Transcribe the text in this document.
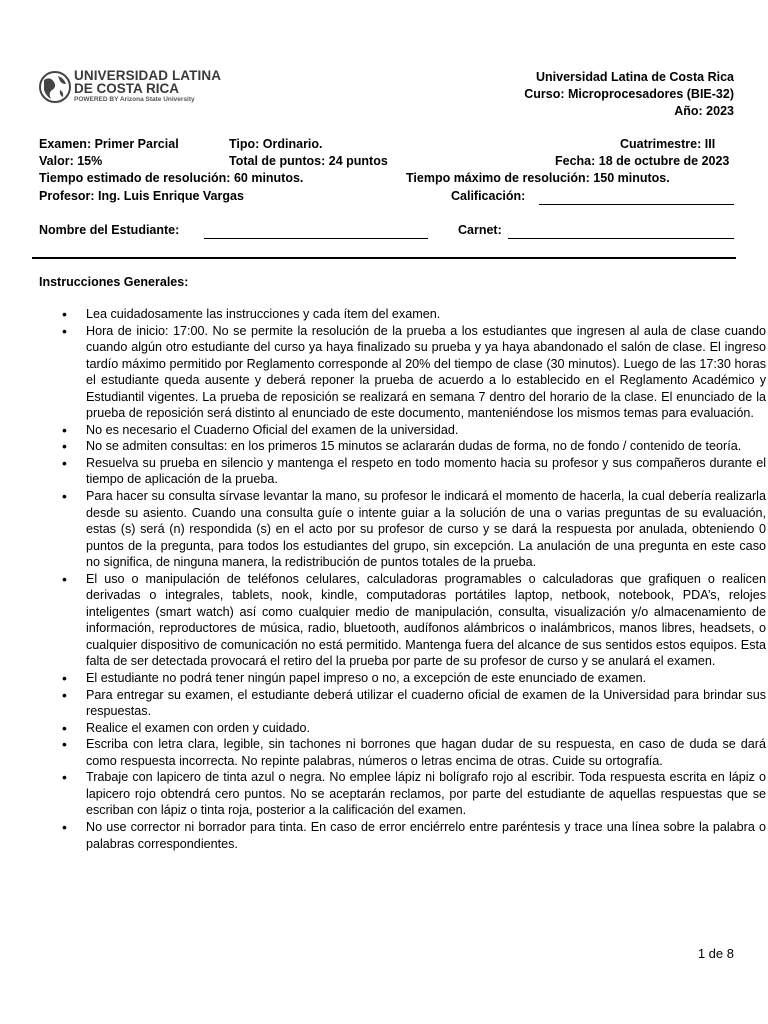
UNIVERSIDAD LATINA
DE COSTA RICA
POWERED BY Arizona State University
Universidad Latina de Costa Rica
Curso: Microprocesadores (BIE-32)
Año: 2023
Examen: Primer Parcial	Tipo: Ordinario.	Cuatrimestre: III
Valor: 15%	Total de puntos: 24 puntos	Fecha: 18 de octubre de 2023
Tiempo estimado de resolución: 60 minutos.	Tiempo máximo de resolución: 150 minutos.
Profesor: Ing. Luis Enrique Vargas	Calificación:
Nombre del Estudiante:	Carnet:
Instrucciones Generales:
• Lea cuidadosamente las instrucciones y cada ítem del examen.
• Hora de inicio: 17:00. No se permite la resolución de la prueba a los estudiantes que ingresen al aula de clase cuando cuando algún otro estudiante del curso ya haya finalizado su prueba y ya haya abandonado el salón de clase. El ingreso tardío máximo permitido por Reglamento corresponde al 20% del tiempo de clase (30 minutos). Luego de las 17:30 horas el estudiante queda ausente y deberá reponer la prueba de acuerdo a lo establecido en el Reglamento Académico y Estudiantil vigentes. La prueba de reposición se realizará en semana 7 dentro del horario de la clase. El enunciado de la prueba de reposición será distinto al enunciado de este documento, manteniéndose los mismos temas para evaluación.
• No es necesario el Cuaderno Oficial del examen de la universidad.
• No se admiten consultas: en los primeros 15 minutos se aclararán dudas de forma, no de fondo / contenido de teoría.
• Resuelva su prueba en silencio y mantenga el respeto en todo momento hacia su profesor y sus compañeros durante el tiempo de aplicación de la prueba.
• Para hacer su consulta sírvase levantar la mano, su profesor le indicará el momento de hacerla, la cual debería realizarla desde su asiento. Cuando una consulta guíe o intente guiar a la solución de una o varias preguntas de su evaluación, estas (s) será (n) respondida (s) en el acto por su profesor de curso y se dará la respuesta por anulada, obteniendo 0 puntos de la pregunta, para todos los estudiantes del grupo, sin excepción. La anulación de una pregunta en este caso no significa, de ninguna manera, la redistribución de puntos totales de la prueba.
• El uso o manipulación de teléfonos celulares, calculadoras programables o calculadoras que grafiquen o realicen derivadas o integrales, tablets, nook, kindle, computadoras portátiles laptop, netbook, notebook, PDA’s, relojes inteligentes (smart watch) así como cualquier medio de manipulación, consulta, visualización y/o almacenamiento de información, reproductores de música, radio, bluetooth, audífonos alámbricos o inalámbricos, manos libres, headsets, o cualquier dispositivo de comunicación no está permitido. Mantenga fuera del alcance de sus sentidos estos equipos. Esta falta de ser detectada provocará el retiro del la prueba por parte de su profesor de curso y se anulará el examen.
• El estudiante no podrá tener ningún papel impreso o no, a excepción de este enunciado de examen.
• Para entregar su examen, el estudiante deberá utilizar el cuaderno oficial de examen de la Universidad para brindar sus respuestas.
• Realice el examen con orden y cuidado.
• Escriba con letra clara, legible, sin tachones ni borrones que hagan dudar de su respuesta, en caso de duda se dará como respuesta incorrecta. No repinte palabras, números o letras encima de otras. Cuide su ortografía.
• Trabaje con lapicero de tinta azul o negra. No emplee lápiz ni bolígrafo rojo al escribir. Toda respuesta escrita en lápiz o lapicero rojo obtendrá cero puntos. No se aceptarán reclamos, por parte del estudiante de aquellas respuestas que se escriban con lápiz o tinta roja, posterior a la calificación del examen.
• No use corrector ni borrador para tinta. En caso de error enciérrelo entre paréntesis y trace una línea sobre la palabra o palabras correspondientes.
1 de 8
